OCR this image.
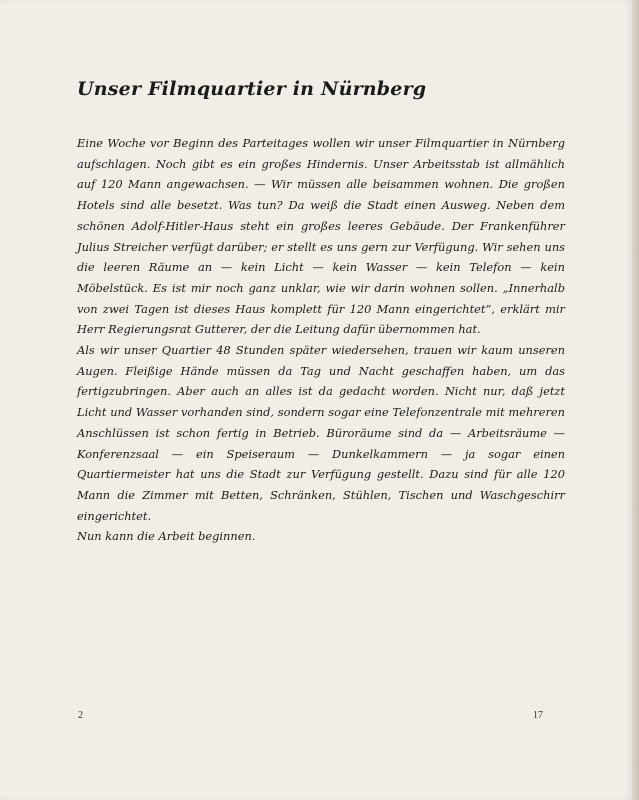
Unser Filmquartier in Nürnberg

Eine Woche vor Beginn des Parteitages wollen wir unser Filmquartier in Nürnberg aufschlagen. Noch gibt es ein großes Hindernis. Unser Arbeitsstab ist allmählich auf 120 Mann angewachsen. — Wir müssen alle beisammen wohnen. Die großen Hotels sind alle besetzt. Was tun? Da weiß die Stadt einen Ausweg. Neben dem schönen Adolf-Hitler-Haus steht ein großes leeres Gebäude. Der Frankenführer Julius Streicher verfügt darüber; er stellt es uns gern zur Verfügung. Wir sehen uns die leeren Räume an — kein Licht — kein Wasser — kein Telefon — kein Möbelstück. Es ist mir noch ganz unklar, wie wir darin wohnen sollen. „Innerhalb von zwei Tagen ist dieses Haus komplett für 120 Mann eingerichtet“, erklärt mir Herr Regierungsrat Gutterer, der die Leitung dafür übernommen hat.

Als wir unser Quartier 48 Stunden später wiedersehen, trauen wir kaum unseren Augen. Fleißige Hände müssen da Tag und Nacht geschaffen haben, um das fertigzubringen. Aber auch an alles ist da gedacht worden. Nicht nur, daß jetzt Licht und Wasser vorhanden sind, sondern sogar eine Telefonzentrale mit mehreren Anschlüssen ist schon fertig in Betrieb. Büroräume sind da — Arbeitsräume — Konferenzsaal — ein Speiseraum — Dunkelkammern — ja sogar einen Quartiermeister hat uns die Stadt zur Verfügung gestellt. Dazu sind für alle 120 Mann die Zimmer mit Betten, Schränken, Stühlen, Tischen und Waschgeschirr eingerichtet.

Nun kann die Arbeit beginnen.

2	17
